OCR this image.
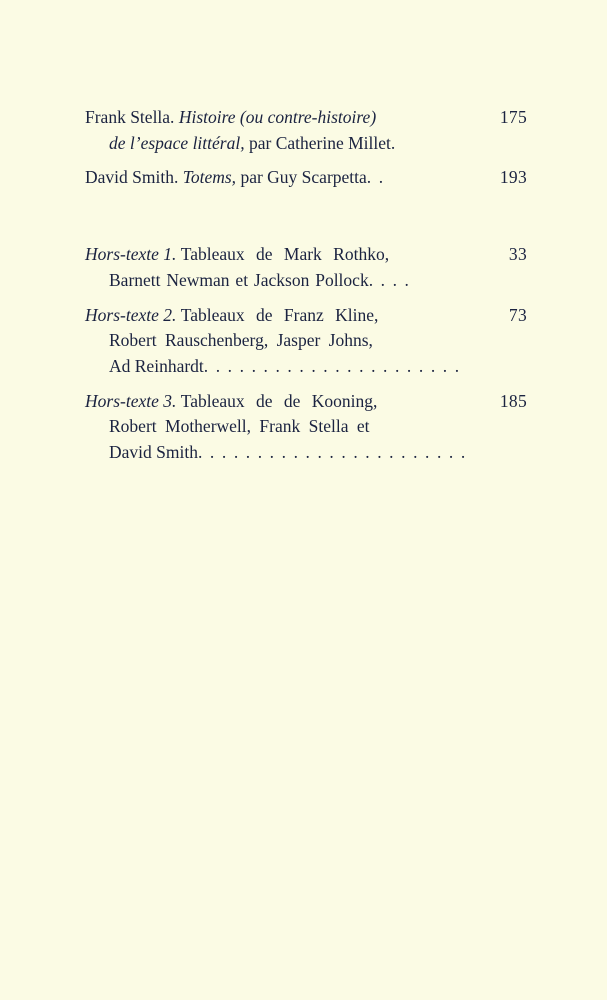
Frank Stella. Histoire (ou contre-histoire)
de l’espace littéral, par Catherine Millet.
175
David Smith. Totems, par Guy Scarpetta. .	193
Hors-texte 1. Tableaux de Mark Rothko,
Barnett Newman et Jackson Pollock. . . .
33
Hors-texte 2. Tableaux de Franz Kline,
Robert Rauschenberg, Jasper Johns,
Ad Reinhardt. . . . . . . . . . . . . . . . . . . . . .
73
Hors-texte 3. Tableaux de de Kooning,
Robert Motherwell, Frank Stella et
David Smith. . . . . . . . . . . . . . . . . . . . . . .
185
